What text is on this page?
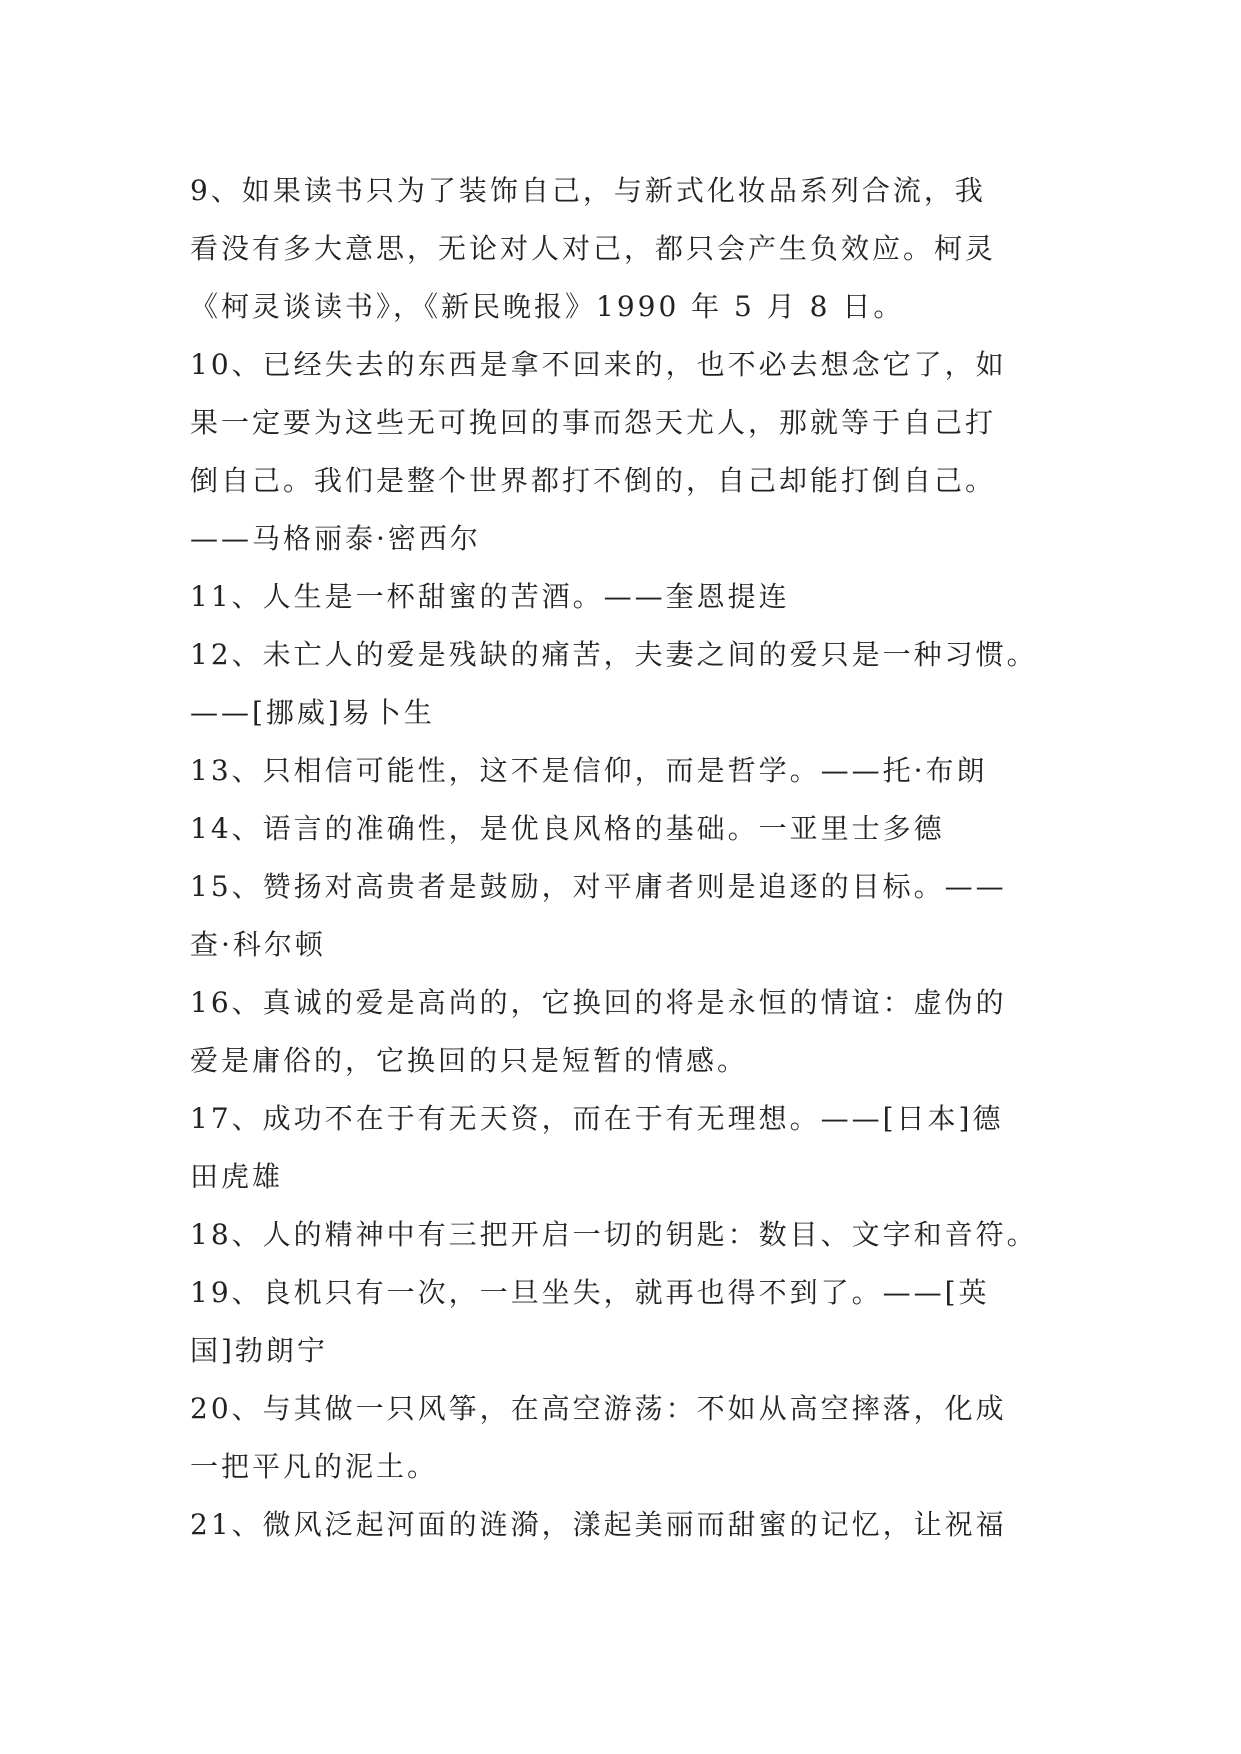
9、如果读书只为了装饰自己，与新式化妆品系列合流，我
看没有多大意思，无论对人对己，都只会产生负效应。柯灵
《柯灵谈读书》，《新民晚报》1990 年 5 月 8 日。
10、已经失去的东西是拿不回来的，也不必去想念它了，如
果一定要为这些无可挽回的事而怨天尤人，那就等于自己打
倒自己。我们是整个世界都打不倒的，自己却能打倒自己。
——马格丽泰·密西尔
11、人生是一杯甜蜜的苦酒。——奎恩提连
12、未亡人的爱是残缺的痛苦，夫妻之间的爱只是一种习惯。
——[挪威]易卜生
13、只相信可能性，这不是信仰，而是哲学。——托·布朗
14、语言的准确性，是优良风格的基础。一亚里士多德
15、赞扬对高贵者是鼓励，对平庸者则是追逐的目标。——
查·科尔顿
16、真诚的爱是高尚的，它换回的将是永恒的情谊：虚伪的
爱是庸俗的，它换回的只是短暂的情感。
17、成功不在于有无天资，而在于有无理想。——[日本]德
田虎雄
18、人的精神中有三把开启一切的钥匙：数目、文字和音符。
19、良机只有一次，一旦坐失，就再也得不到了。——[英
国]勃朗宁
20、与其做一只风筝，在高空游荡：不如从高空摔落，化成
一把平凡的泥土。
21、微风泛起河面的涟漪，漾起美丽而甜蜜的记忆，让祝福
